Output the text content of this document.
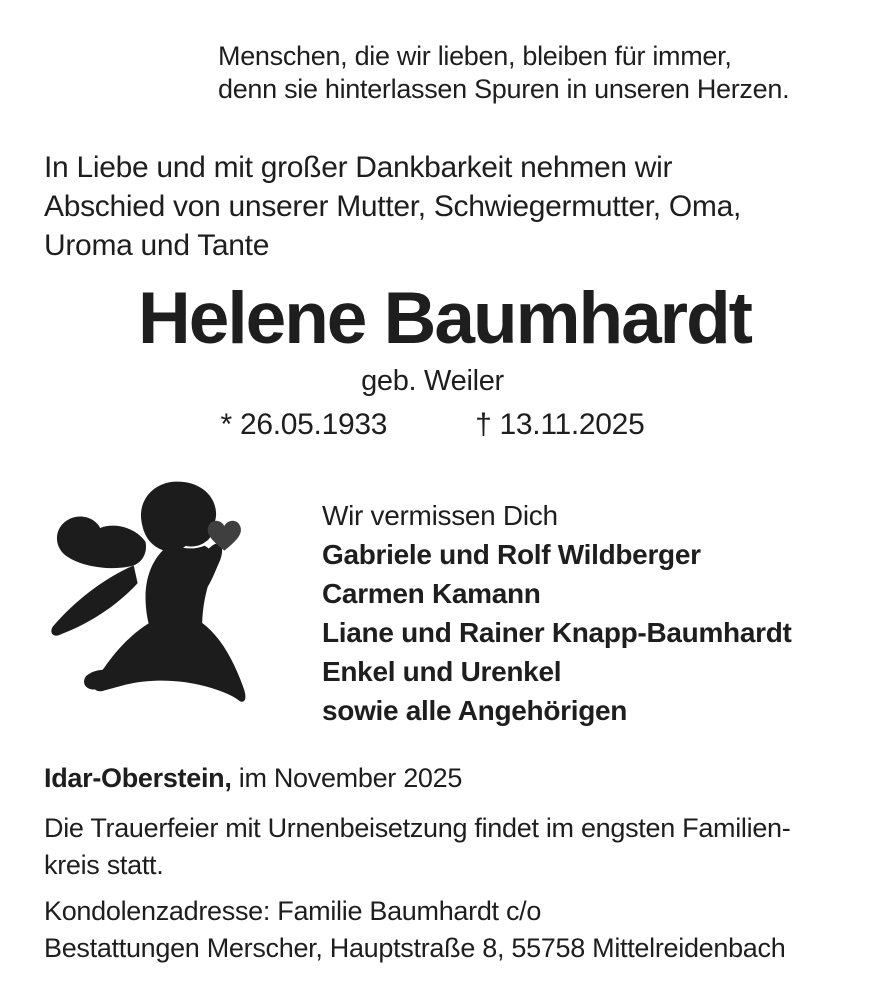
Menschen, die wir lieben, bleiben für immer,
denn sie hinterlassen Spuren in unseren Herzen.
In Liebe und mit großer Dankbarkeit nehmen wir
Abschied von unserer Mutter, Schwiegermutter, Oma,
Uroma und Tante
Helene Baumhardt
geb. Weiler
* 26.05.1933	† 13.11.2025
Wir vermissen Dich
Gabriele und Rolf Wildberger
Carmen Kamann
Liane und Rainer Knapp-Baumhardt
Enkel und Urenkel
sowie alle Angehörigen
Idar-Oberstein, im November 2025
Die Trauerfeier mit Urnenbeisetzung findet im engsten Familien-
kreis statt.
Kondolenzadresse: Familie Baumhardt c/o
Bestattungen Merscher, Hauptstraße 8, 55758 Mittelreidenbach
